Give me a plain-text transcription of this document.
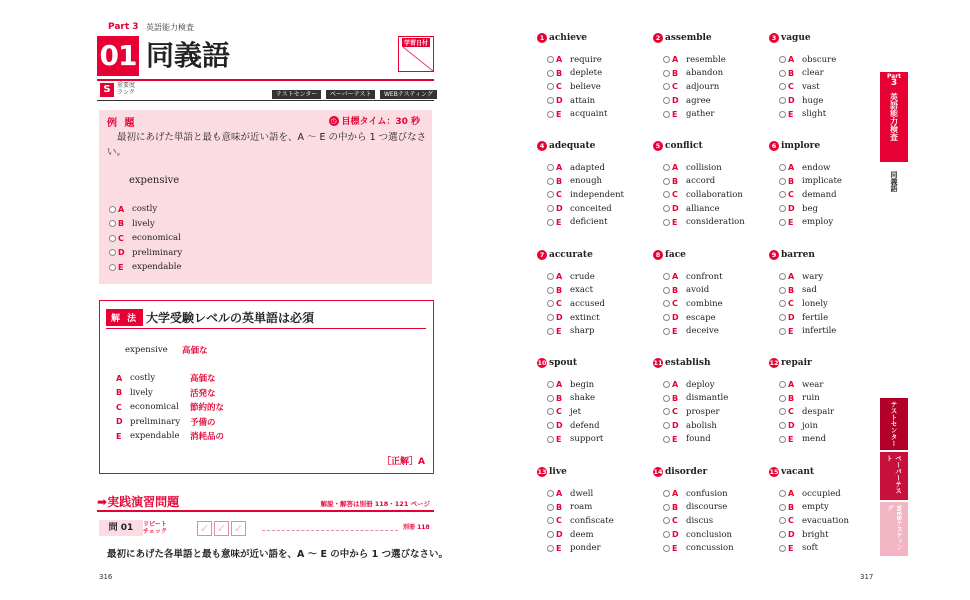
Part 3 英語能力検査
01 同義語	学習日付
S	重要度
ランク	テストセンター	ペーパーテスト	WEBテスティング
例 題	◷ 目標タイム：30 秒
最初にあげた単語と最も意味が近い語を、A ～ E の中から 1 つ選びなさい。
expensive
A costly
B lively
C economical
D preliminary
E	expendable
解 法 大学受験レベルの英単語は必須
expensive 高価な
A costly	高価な
B lively	活発な
C economical	節約的な
D preliminary	予備の
E	expendable	消耗品の
［正解］A
➡実践演習問題	解説・解答は別冊 118・121 ページ
問 01	リピート
チェック	✓ ✓ ✓	別冊 118
最初にあげた各単語と最も意味が近い語を、A ～ E の中から 1 つ選びなさい。
316
1 achieve
A require
B deplete
C believe
D attain
E	acquaint
2 assemble
A resemble
B abandon
C adjourn
D agree
E	gather
3 vague
A obscure
B clear
C vast
D huge
E	slight
4 adequate
A adapted
B enough
C independent
D conceited
E	deficient
5 conflict
A collision
B accord
C collaboration
D alliance
E	consideration
6 implore
A endow
B implicate
C demand
D beg
E	employ
7 accurate
A crude
B exact
C accused
D extinct
E	sharp
8 face
A confront
B avoid
C combine
D escape
E	deceive
9 barren
A wary
B sad
C lonely
D fertile
E	infertile
10 spout
A begin
B shake
C jet
D defend
E	support
11 establish
A deploy
B dismantle
C prosper
D abolish
E	found
12 repair
A wear
B ruin
C despair
D join
E	mend
13 live
A dwell
B roam
C confiscate
D deem
E	ponder
14 disorder
A confusion
B discourse
C discus
D conclusion
E	concussion
15 vacant
A occupied
B empty
C evacuation
D bright
E	soft
Part
3
英語能力検査
同義語
テストセンター
ペーパーテスト
WEBテスティング
317
